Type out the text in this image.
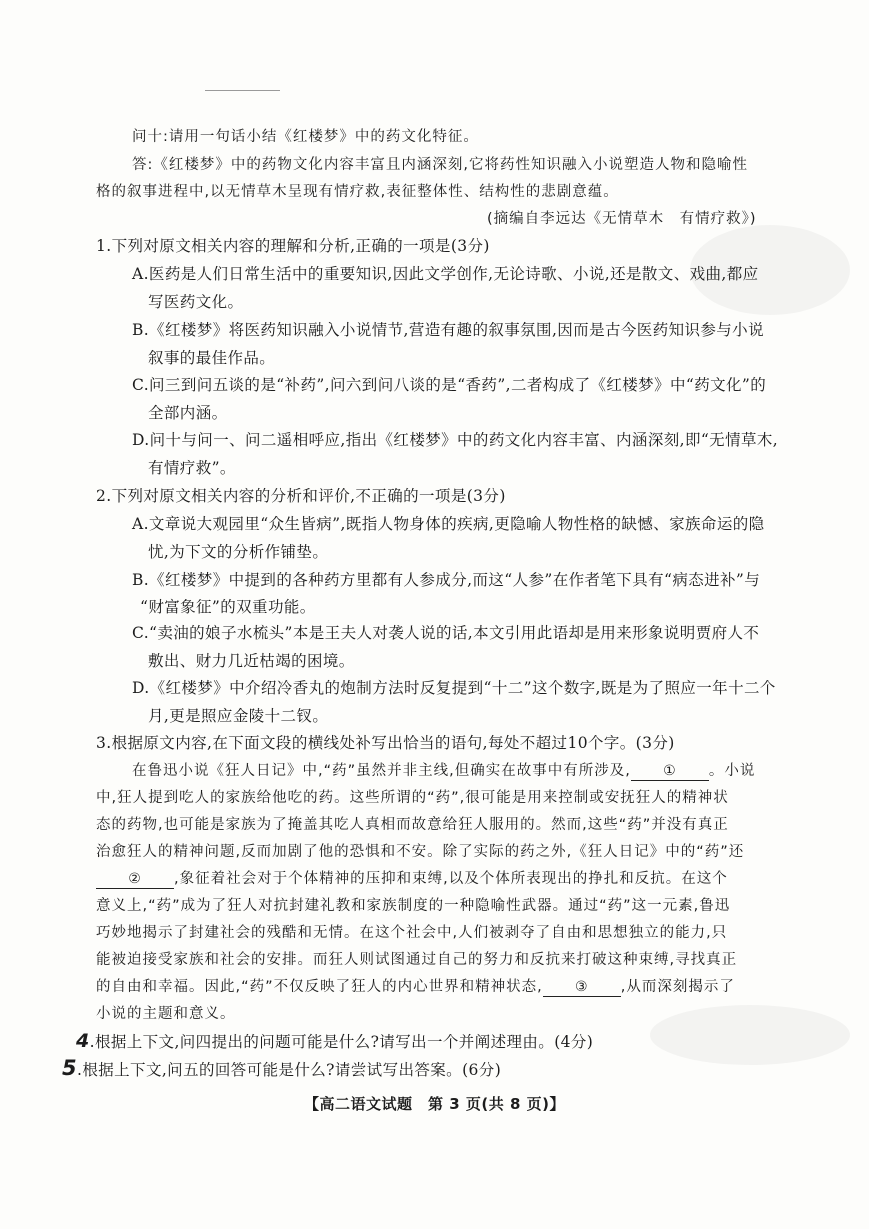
问十:请用一句话小结《红楼梦》中的药文化特征。
答:《红楼梦》中的药物文化内容丰富且内涵深刻,它将药性知识融入小说塑造人物和隐喻性
格的叙事进程中,以无情草木呈现有情疗救,表征整体性、结构性的悲剧意蕴。
(摘编自李远达《无情草木　有情疗救》)
1.下列对原文相关内容的理解和分析,正确的一项是(3分)
A.医药是人们日常生活中的重要知识,因此文学创作,无论诗歌、小说,还是散文、戏曲,都应
写医药文化。
B.《红楼梦》将医药知识融入小说情节,营造有趣的叙事氛围,因而是古今医药知识参与小说
叙事的最佳作品。
C.问三到问五谈的是“补药”,问六到问八谈的是“香药”,二者构成了《红楼梦》中“药文化”的
全部内涵。
D.问十与问一、问二遥相呼应,指出《红楼梦》中的药文化内容丰富、内涵深刻,即“无情草木,
有情疗救”。
2.下列对原文相关内容的分析和评价,不正确的一项是(3分)
A.文章说大观园里“众生皆病”,既指人物身体的疾病,更隐喻人物性格的缺憾、家族命运的隐
忧,为下文的分析作铺垫。
B.《红楼梦》中提到的各种药方里都有人参成分,而这“人参”在作者笔下具有“病态进补”与
“财富象征”的双重功能。
C.“卖油的娘子水梳头”本是王夫人对袭人说的话,本文引用此语却是用来形象说明贾府人不
敷出、财力几近枯竭的困境。
D.《红楼梦》中介绍冷香丸的炮制方法时反复提到“十二”这个数字,既是为了照应一年十二个
月,更是照应金陵十二钗。
3.根据原文内容,在下面文段的横线处补写出恰当的语句,每处不超过10个字。(3分)
在鲁迅小说《狂人日记》中,“药”虽然并非主线,但确实在故事中有所涉及, ① 。小说
中,狂人提到吃人的家族给他吃的药。这些所谓的“药”,很可能是用来控制或安抚狂人的精神状
态的药物,也可能是家族为了掩盖其吃人真相而故意给狂人服用的。然而,这些“药”并没有真正
治愈狂人的精神问题,反而加剧了他的恐惧和不安。除了实际的药之外,《狂人日记》中的“药”还
② ,象征着社会对于个体精神的压抑和束缚,以及个体所表现出的挣扎和反抗。在这个
意义上,“药”成为了狂人对抗封建礼教和家族制度的一种隐喻性武器。通过“药”这一元素,鲁迅
巧妙地揭示了封建社会的残酷和无情。在这个社会中,人们被剥夺了自由和思想独立的能力,只
能被迫接受家族和社会的安排。而狂人则试图通过自己的努力和反抗来打破这种束缚,寻找真正
的自由和幸福。因此,“药”不仅反映了狂人的内心世界和精神状态, ③ ,从而深刻揭示了
小说的主题和意义。
4.根据上下文,问四提出的问题可能是什么?请写出一个并阐述理由。(4分)
5.根据上下文,问五的回答可能是什么?请尝试写出答案。(6分)
【高二语文试题　第 3 页(共 8 页)】
